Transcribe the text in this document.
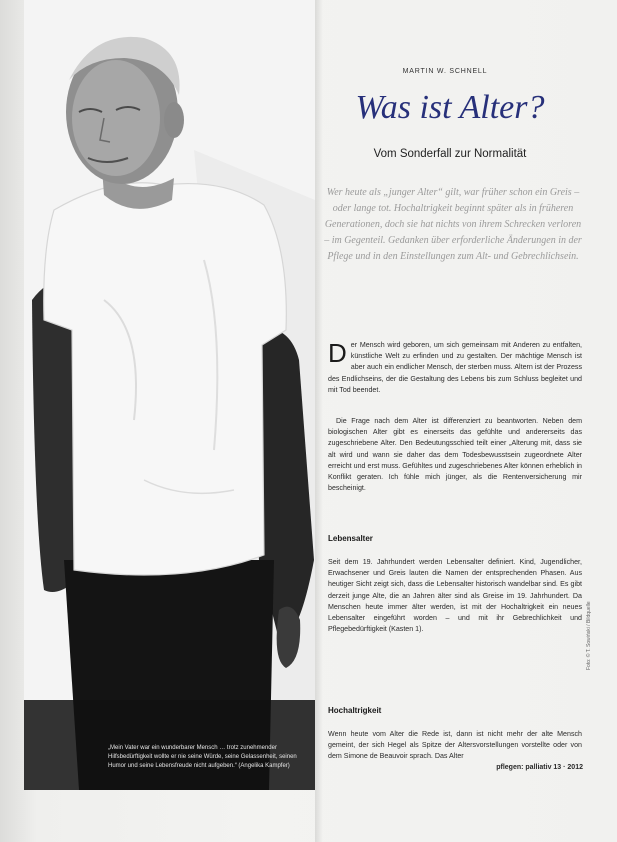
„Mein Vater war ein wunderbarer Mensch … trotz zunehmender Hilfsbedürftigkeit wollte er nie seine Würde, seine Gelassenheit, seinen Humor und seine Lebensfreude nicht aufgeben.“ (Angelika Kampfer)
MARTIN W. SCHNELL
Was ist Alter?
Vom Sonderfall zur Normalität
Wer heute als „junger Alter“ gilt, war früher schon ein Greis – oder lange tot. Hochaltrigkeit beginnt später als in früheren Generationen, doch sie hat nichts von ihrem Schrecken verloren – im Gegenteil. Gedanken über erforderliche Änderungen in der Pflege und in den Einstellungen zum Alt- und Gebrechlichsein.
Der Mensch wird geboren, um sich gemeinsam mit Anderen zu entfalten, künstliche Welt zu erfinden und zu gestalten. Der mächtige Mensch ist aber auch ein endlicher Mensch, der sterben muss. Altern ist der Prozess des Endlichseins, der die Gestaltung des Lebens bis zum Schluss begleitet und mit Tod beendet.
Die Frage nach dem Alter ist differenziert zu beantworten. Neben dem biologischen Alter gibt es einerseits das gefühlte und andererseits das zugeschriebene Alter. Den Bedeutungsschied teilt einer „Alterung mit, dass sie alt wird und wann sie daher das dem Todesbewusstsein zugeordnete Alter erreicht und erst muss. Gefühltes und zugeschriebenes Alter können erheblich in Konflikt geraten. Ich fühle mich jünger, als die Rentenversicherung mir bescheinigt.
Lebensalter
Seit dem 19. Jahrhundert werden Lebensalter definiert. Kind, Jugendlicher, Erwachsener und Greis lauten die Namen der entsprechenden Phasen. Aus heutiger Sicht zeigt sich, dass die Lebensalter historisch wandelbar sind. Es gibt derzeit junge Alte, die an Jahren älter sind als Greise im 19. Jahrhundert. Da Menschen heute immer älter werden, ist mit der Hochaltrigkeit ein neues Lebensalter eingeführt worden – und mit ihr Gebrechlichkeit und Pflegebedürftigkeit (Kasten 1).
Hochaltrigkeit
Wenn heute vom Alter die Rede ist, dann ist nicht mehr der alte Mensch gemeint, der sich Hegel als Spitze der Altersvorstellungen vorstellte oder von dem Simone de Beauvoir sprach. Das Alter
Foto: © T. Sowiński / Bildquelle
pflegen: palliativ 13 · 2012
